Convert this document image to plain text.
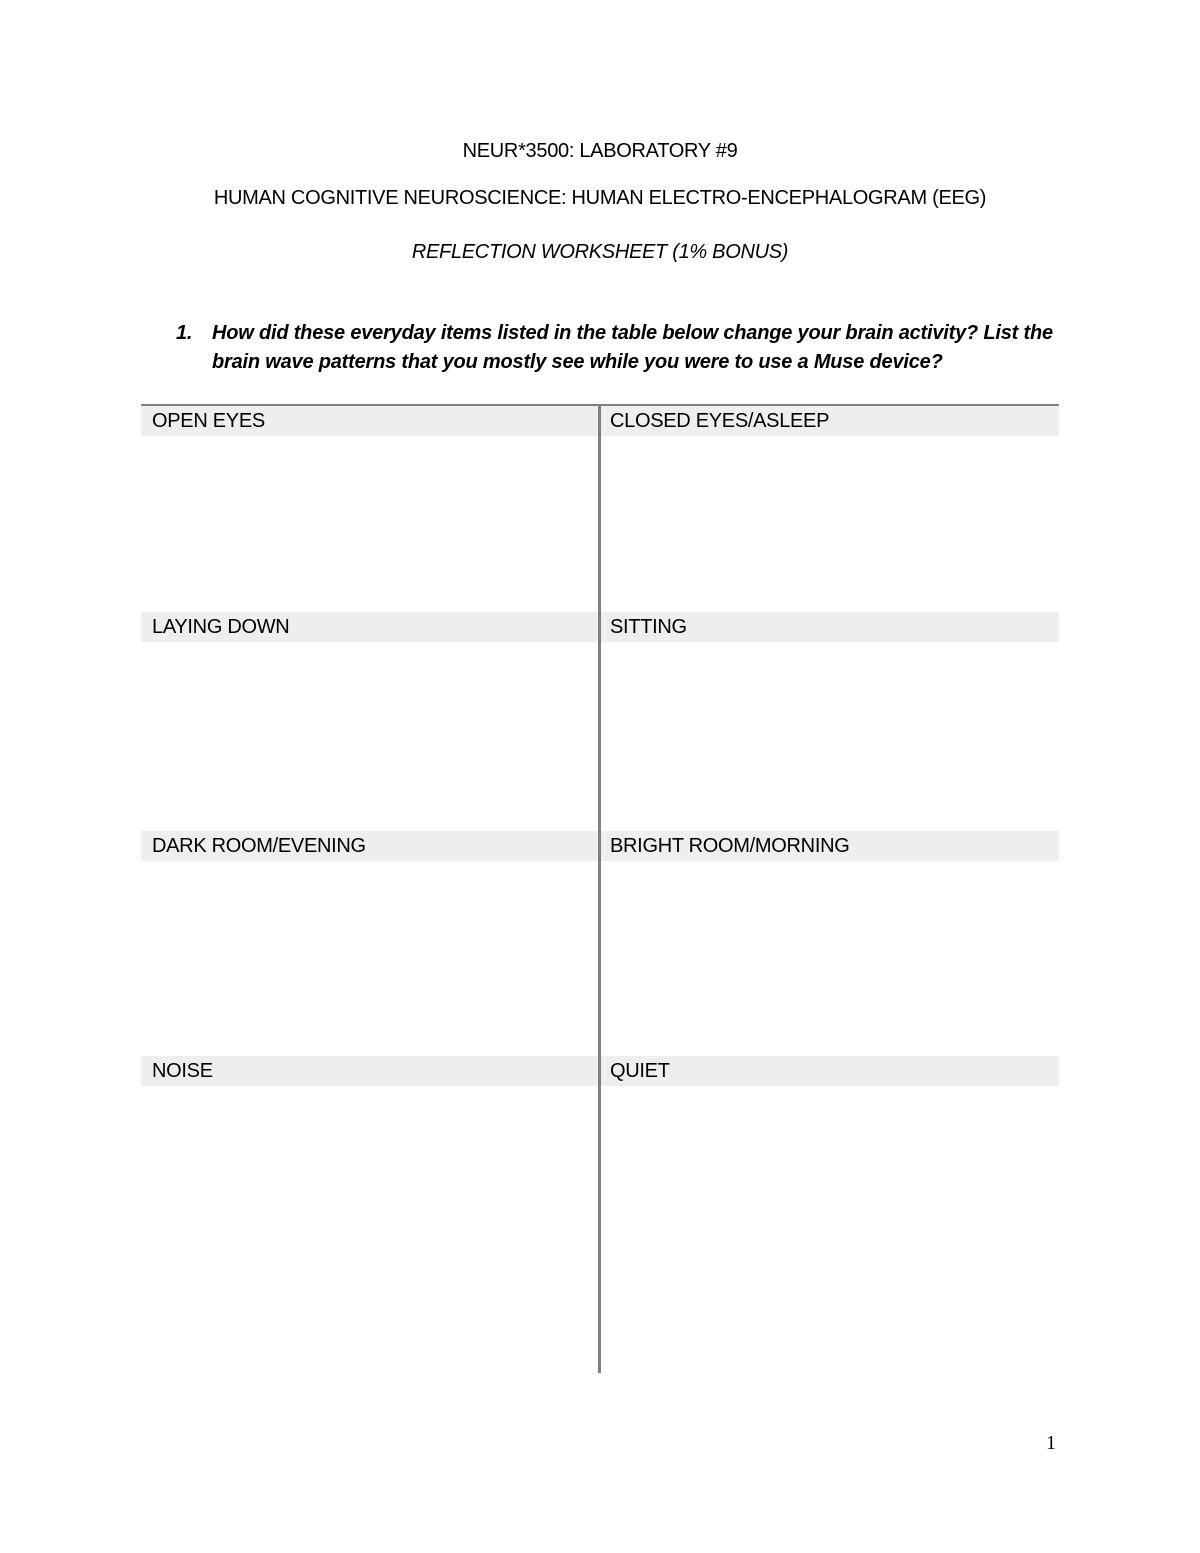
NEUR*3500: LABORATORY #9
HUMAN COGNITIVE NEUROSCIENCE: HUMAN ELECTRO-ENCEPHALOGRAM (EEG)
REFLECTION WORKSHEET (1% BONUS)
1. How did these everyday items listed in the table below change your brain activity? List the brain wave patterns that you mostly see while you were to use a Muse device?
OPEN EYES	CLOSED EYES/ASLEEP
LAYING DOWN	SITTING
DARK ROOM/EVENING	BRIGHT ROOM/MORNING
NOISE	QUIET
1
